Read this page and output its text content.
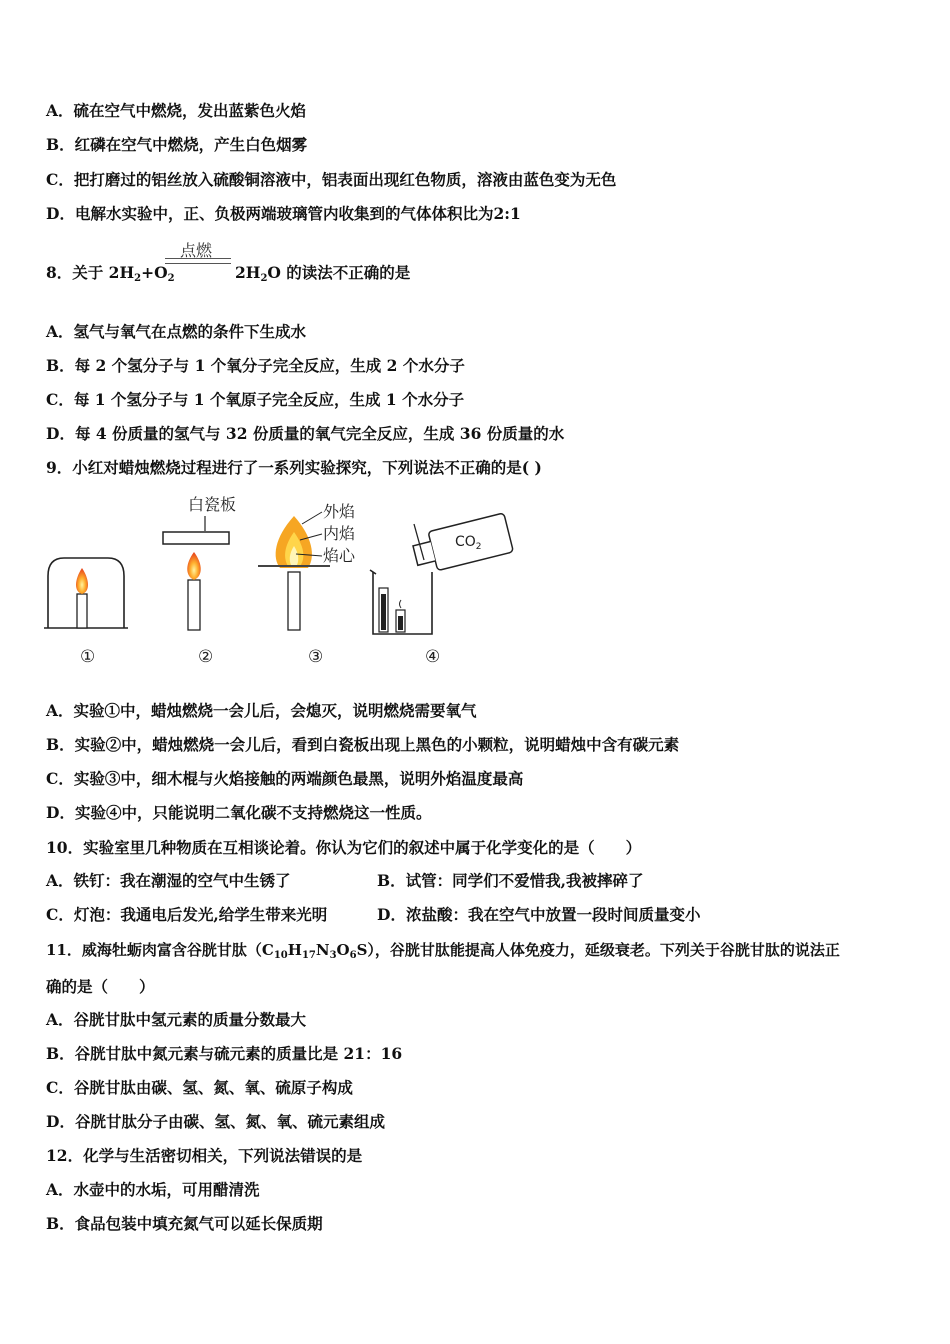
A．硫在空气中燃烧，发出蓝紫色火焰
B．红磷在空气中燃烧，产生白色烟雾
C．把打磨过的铝丝放入硫酸铜溶液中，铝表面出现红色物质，溶液由蓝色变为无色
D．电解水实验中，正、负极两端玻璃管内收集到的气体体积比为2:1
点燃
8．关于 $2H_2+O_2$	$2H_2O$ 的读法不正确的是
A．氢气与氧气在点燃的条件下生成水
B．每 2 个氢分子与 1 个氧分子完全反应，生成 2 个水分子
C．每 1 个氢分子与 1 个氧原子完全反应，生成 1 个水分子
D．每 4 份质量的氢气与 32 份质量的氧气完全反应，生成 36 份质量的水
9．小红对蜡烛燃烧过程进行了一系列实验探究，下列说法不正确的是( )
白瓷板	外焰
内焰
焰心
$CO_2$
①	②	③	④
A．实验①中，蜡烛燃烧一会儿后，会熄灭，说明燃烧需要氧气
B．实验②中，蜡烛燃烧一会儿后，看到白瓷板出现上黑色的小颗粒，说明蜡烛中含有碳元素
C．实验③中，细木棍与火焰接触的两端颜色最黑，说明外焰温度最高
D．实验④中，只能说明二氧化碳不支持燃烧这一性质。
10．实验室里几种物质在互相谈论着。你认为它们的叙述中属于化学变化的是（　　）
A．铁钉：我在潮湿的空气中生锈了	B．试管：同学们不爱惜我,我被摔碎了
C．灯泡：我通电后发光,给学生带来光明	D．浓盐酸：我在空气中放置一段时间质量变小
11．威海牡蛎肉富含谷胱甘肽$(C_{10}H_{17}N_3O_6S)$，谷胱甘肽能提高人体免疫力，延级衰老。下列关于谷胱甘肽的说法正
确的是（　　）
A．谷胱甘肽中氢元素的质量分数最大
B．谷胱甘肽中氮元素与硫元素的质量比是 21：16
C．谷胱甘肽由碳、氢、氮、氧、硫原子构成
D．谷胱甘肽分子由碳、氢、氮、氧、硫元素组成
12．化学与生活密切相关，下列说法错误的是
A．水壶中的水垢，可用醋清洗
B．食品包装中填充氮气可以延长保质期
